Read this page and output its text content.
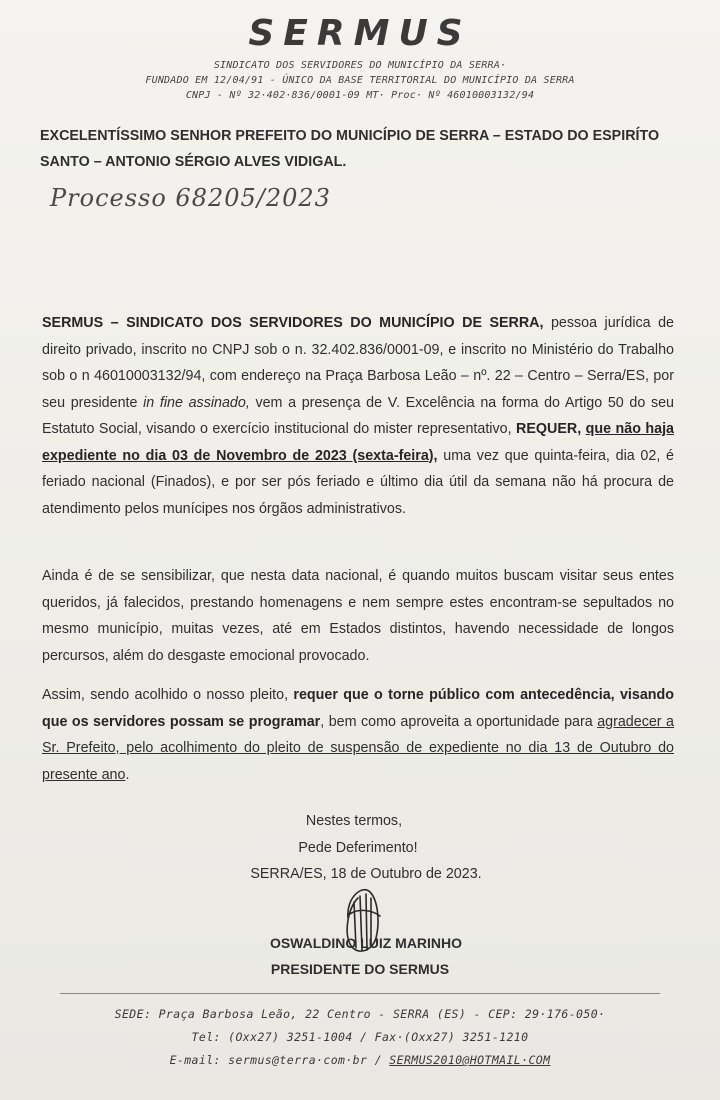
SERMUS
SINDICATO DOS SERVIDORES DO MUNICÍPIO DA SERRA·
FUNDADO EM 12/04/91 - ÚNICO DA BASE TERRITORIAL DO MUNICÍPIO DA SERRA
CNPJ - Nº 32·402·836/0001-09 MT· Proc· Nº 46010003132/94
EXCELENTÍSSIMO SENHOR PREFEITO DO MUNICÍPIO DE SERRA – ESTADO DO ESPIRÍTO SANTO – ANTONIO SÉRGIO ALVES VIDIGAL.
Processo 68205/2023
SERMUS – SINDICATO DOS SERVIDORES DO MUNICÍPIO DE SERRA, pessoa jurídica de direito privado, inscrito no CNPJ sob o n. 32.402.836/0001-09, e inscrito no Ministério do Trabalho sob o n 46010003132/94, com endereço na Praça Barbosa Leão – nº. 22 – Centro – Serra/ES, por seu presidente in fine assinado, vem a presença de V. Excelência na forma do Artigo 50 do seu Estatuto Social, visando o exercício institucional do mister representativo, REQUER, que não haja expediente no dia 03 de Novembro de 2023 (sexta-feira), uma vez que quinta-feira, dia 02, é feriado nacional (Finados), e por ser pós feriado e último dia útil da semana não há procura de atendimento pelos munícipes nos órgãos administrativos.
Ainda é de se sensibilizar, que nesta data nacional, é quando muitos buscam visitar seus entes queridos, já falecidos, prestando homenagens e nem sempre estes encontram-se sepultados no mesmo município, muitas vezes, até em Estados distintos, havendo necessidade de longos percursos, além do desgaste emocional provocado.
Assim, sendo acolhido o nosso pleito, requer que o torne público com antecedência, visando que os servidores possam se programar, bem como aproveita a oportunidade para agradecer a Sr. Prefeito, pelo acolhimento do pleito de suspensão de expediente no dia 13 de Outubro do presente ano.
Nestes termos,
Pede Deferimento!
SERRA/ES, 18 de Outubro de 2023.
OSWALDINO LUIZ MARINHO
PRESIDENTE DO SERMUS
SEDE: Praça Barbosa Leão, 22 Centro - SERRA (ES) - CEP: 29·176-050·
Tel: (Oxx27) 3251-1004 / Fax·(Oxx27) 3251-1210
E-mail: sermus@terra·com·br / SERMUS2010@HOTMAIL·COM
